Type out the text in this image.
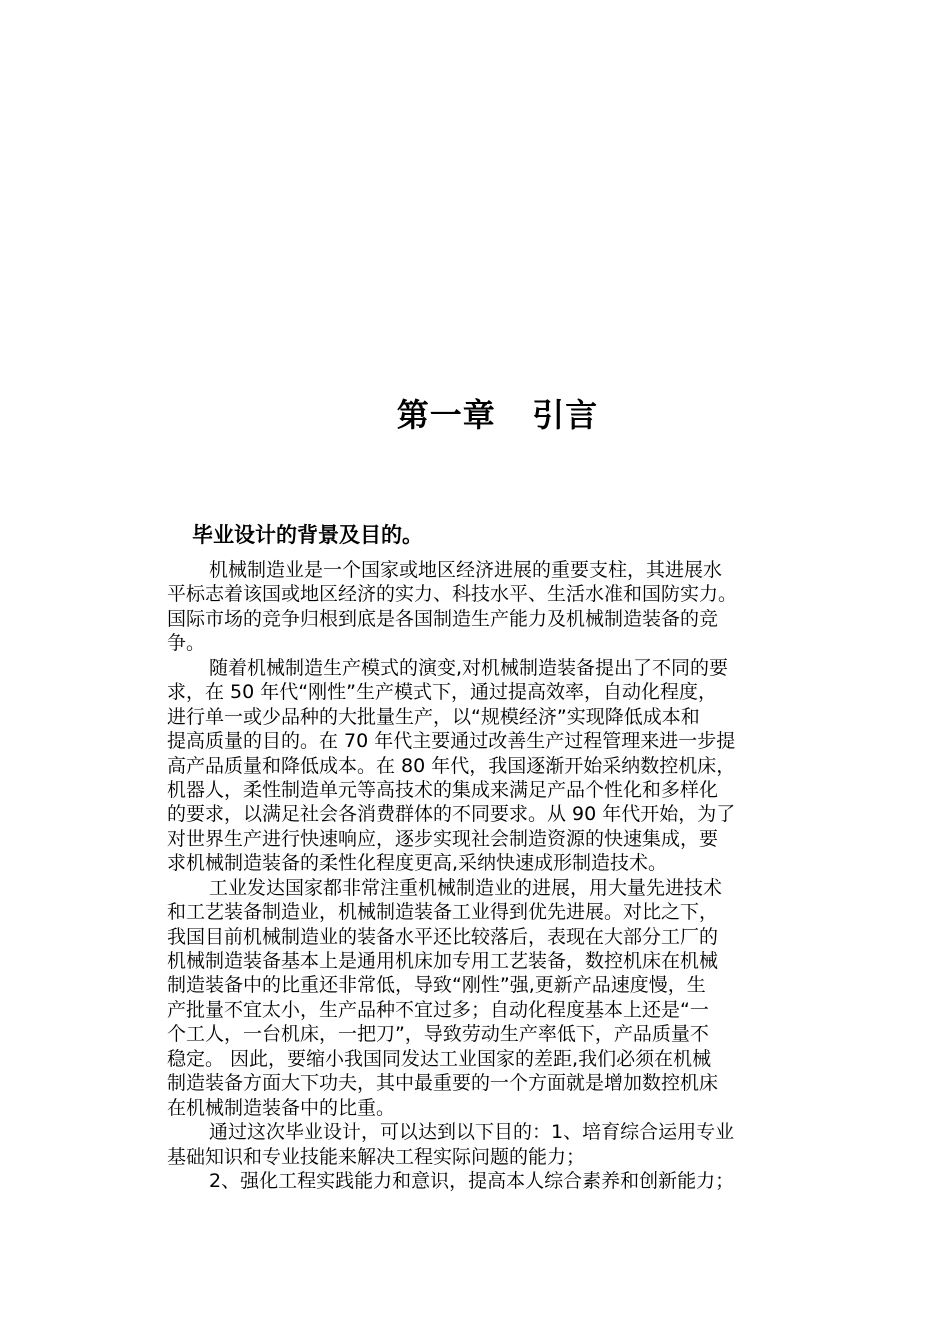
第一章   引言
毕业设计的背景及目的。
机械制造业是一个国家或地区经济进展的重要支柱，其进展水
平标志着该国或地区经济的实力、科技水平、生活水准和国防实力。
国际市场的竞争归根到底是各国制造生产能力及机械制造装备的竞
争。
随着机械制造生产模式的演变,对机械制造装备提出了不同的要
求，在 50 年代“刚性”生产模式下，通过提高效率，自动化程度，
进行单一或少品种的大批量生产，以“规模经济”实现降低成本和
提高质量的目的。在 70 年代主要通过改善生产过程管理来进一步提
高产品质量和降低成本。在 80 年代，我国逐渐开始采纳数控机床，
机器人，柔性制造单元等高技术的集成来满足产品个性化和多样化
的要求，以满足社会各消费群体的不同要求。从 90 年代开始，为了
对世界生产进行快速响应，逐步实现社会制造资源的快速集成，要
求机械制造装备的柔性化程度更高,采纳快速成形制造技术。
工业发达国家都非常注重机械制造业的进展，用大量先进技术
和工艺装备制造业，机械制造装备工业得到优先进展。对比之下，
我国目前机械制造业的装备水平还比较落后，表现在大部分工厂的
机械制造装备基本上是通用机床加专用工艺装备，数控机床在机械
制造装备中的比重还非常低，导致“刚性”强,更新产品速度慢，生
产批量不宜太小，生产品种不宜过多；自动化程度基本上还是“一
个工人，一台机床，一把刀”，导致劳动生产率低下，产品质量不
稳定。 因此，要缩小我国同发达工业国家的差距,我们必须在机械
制造装备方面大下功夫，其中最重要的一个方面就是增加数控机床
在机械制造装备中的比重。
通过这次毕业设计，可以达到以下目的：1、培育综合运用专业
基础知识和专业技能来解决工程实际问题的能力；
2、强化工程实践能力和意识，提高本人综合素养和创新能力；
